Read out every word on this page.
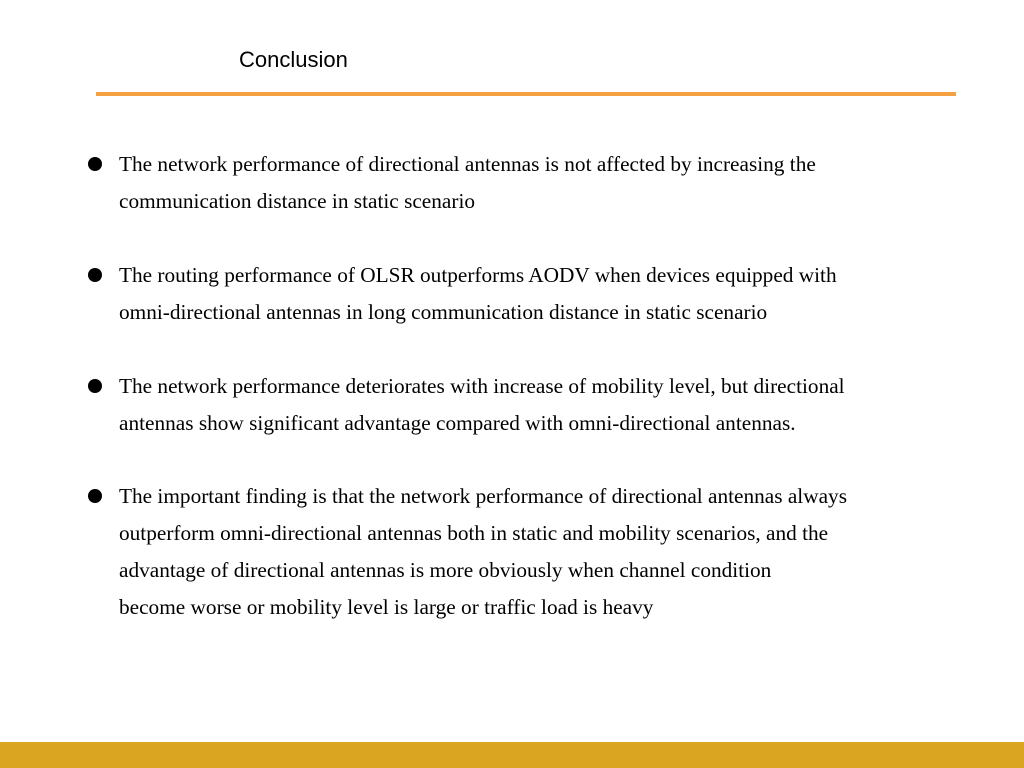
Conclusion
The network performance of directional antennas is not affected by increasing the
communication distance in static scenario
The routing performance of OLSR outperforms AODV when devices equipped with
omni-directional antennas in long communication distance in static scenario
The network performance deteriorates with increase of mobility level, but directional
antennas show significant advantage compared with omni-directional antennas.
The important finding is that the network performance of directional antennas always
outperform omni-directional antennas both in static and mobility scenarios, and the
advantage of directional antennas is more obviously when channel condition
become worse or mobility level is large or traffic load is heavy
